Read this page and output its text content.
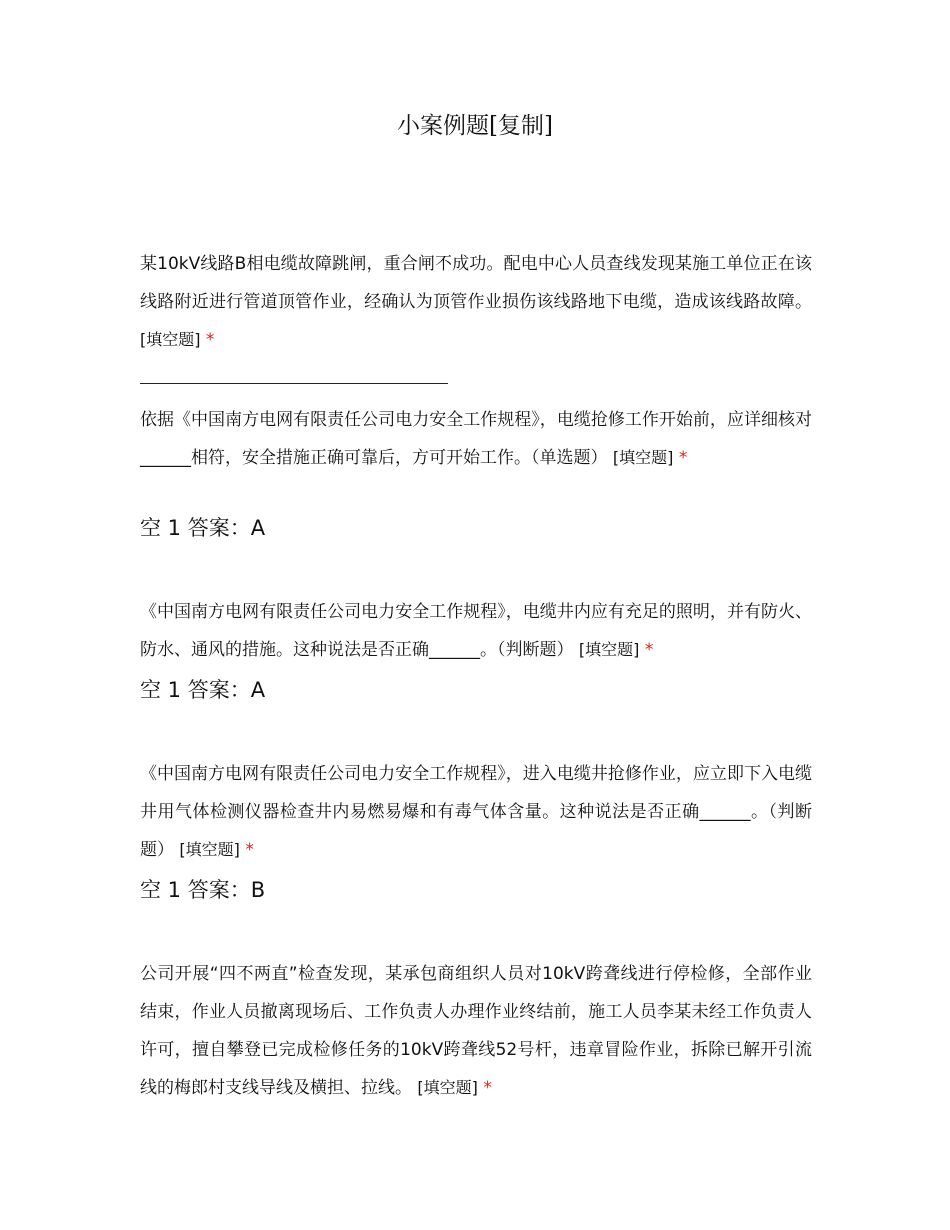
小案例题[复制]
某10kV线路B相电缆故障跳闸，重合闸不成功。配电中心人员查线发现某施工单位正在该线路附近进行管道顶管作业，经确认为顶管作业损伤该线路地下电缆，造成该线路故障。 [填空题] *
依据《中国南方电网有限责任公司电力安全工作规程》，电缆抢修工作开始前，应详细核对______相符，安全措施正确可靠后，方可开始工作。（单选题） [填空题] *
空 1 答案：A
《中国南方电网有限责任公司电力安全工作规程》，电缆井内应有充足的照明，并有防火、防水、通风的措施。这种说法是否正确______。（判断题） [填空题] *
空 1 答案：A
《中国南方电网有限责任公司电力安全工作规程》，进入电缆井抢修作业，应立即下入电缆井用气体检测仪器检查井内易燃易爆和有毒气体含量。这种说法是否正确______。（判断题） [填空题] *
空 1 答案：B
公司开展“四不两直”检查发现，某承包商组织人员对10kV跨聋线进行停检修，全部作业结束，作业人员撤离现场后、工作负责人办理作业终结前，施工人员李某未经工作负责人许可，擅自攀登已完成检修任务的10kV跨聋线52号杆，违章冒险作业，拆除已解开引流线的梅郎村支线导线及横担、拉线。 [填空题] *
